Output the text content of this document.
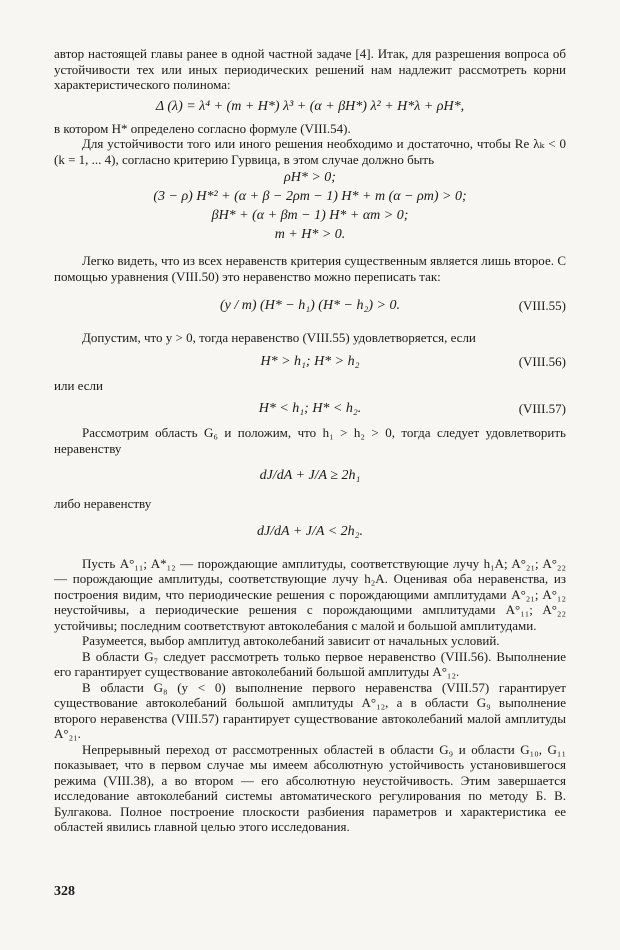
автор настоящей главы ранее в одной частной задаче [4]. Итак, для разрешения вопроса об устойчивости тех или иных периодических решений нам надлежит рассмотреть корни характеристического полинома:

Δ (λ) = λ⁴ + (m + H*) λ³ + (α + βH*) λ² + H*λ + ρH*,

в котором H* определено согласно формуле (VIII.54).

Для устойчивости того или иного решения необходимо и достаточно, чтобы Re λₖ < 0 (k = 1, ... 4), согласно критерию Гурвица, в этом случае должно быть

ρH* > 0;
(3 − ρ) H*² + (α + β − 2ρm − 1) H* + m (α − ρm) > 0;
βH* + (α + βm − 1) H* + αm > 0;
m + H* > 0.

Легко видеть, что из всех неравенств критерия существенным является лишь второе. С помощью уравнения (VIII.50) это неравенство можно переписать так:

(y / m) (H* − h₁) (H* − h₂) > 0.	(VIII.55)

Допустим, что y > 0, тогда неравенство (VIII.55) удовлетворяется, если

H* > h₁; H* > h₂	(VIII.56)

или если

H* < h₁; H* < h₂.	(VIII.57)

Рассмотрим область G₆ и положим, что h₁ > h₂ > 0, тогда следует удовлетворить неравенству

dJ/dA + J/A ≥ 2h₁

либо неравенству

dJ/dA + J/A < 2h₂.

Пусть A°₁₁; A*₁₂ — порождающие амплитуды, соответствующие лучу h₁A; A°₂₁; A°₂₂ — порождающие амплитуды, соответствующие лучу h₂A. Оценивая оба неравенства, из построения видим, что периодические решения с порождающими амплитудами A°₂₁; A°₁₂ неустойчивы, а периодические решения с порождающими амплитудами A°₁₁; A°₂₂ устойчивы; последним соответствуют автоколебания с малой и большой амплитудами.

Разумеется, выбор амплитуд автоколебаний зависит от начальных условий.

В области G₇ следует рассмотреть только первое неравенство (VIII.56). Выполнение его гарантирует существование автоколебаний большой амплитуды A°₁₂.

В области G₈ (y < 0) выполнение первого неравенства (VIII.57) гарантирует существование автоколебаний большой амплитуды A°₁₂, а в области G₉ выполнение второго неравенства (VIII.57) гарантирует существование автоколебаний малой амплитуды A°₂₁.

Непрерывный переход от рассмотренных областей в области G₉ и области G₁₀, G₁₁ показывает, что в первом случае мы имеем абсолютную устойчивость установившегося режима (VIII.38), а во втором — его абсолютную неустойчивость. Этим завершается исследование автоколебаний системы автоматического регулирования по методу Б. В. Булгакова. Полное построение плоскости разбиения параметров и характеристика ее областей явились главной целью этого исследования.

328
